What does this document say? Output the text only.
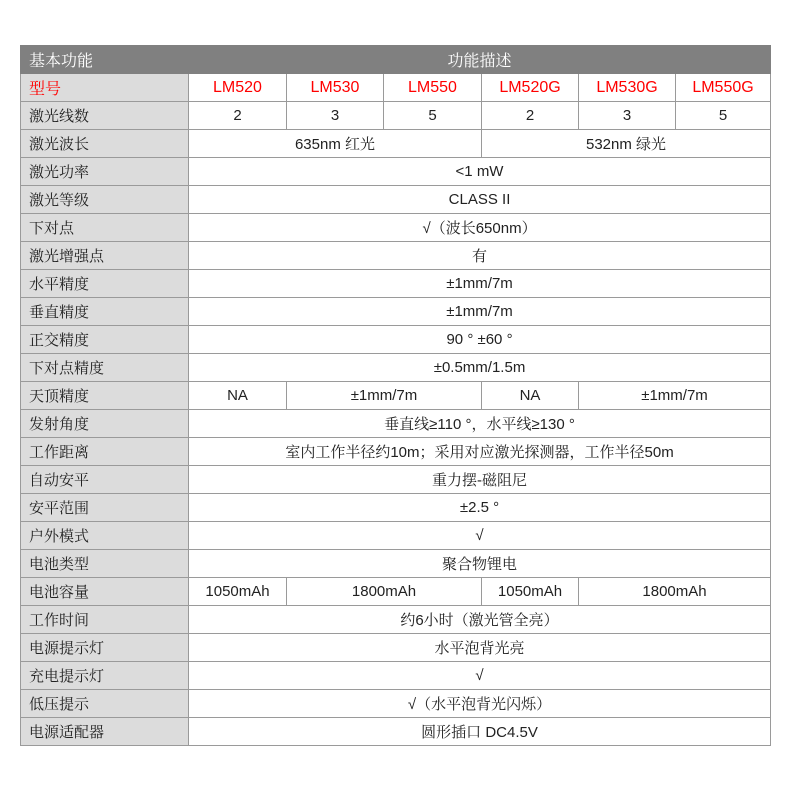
基本功能	功能描述					
型号	LM520	LM530	LM550	LM520G	LM530G	LM550G
激光线数	2	3	5	2	3	5
激光波长	635nm 红光			532nm 绿光		
激光功率	<1 mW					
激光等级	CLASS II					
下对点	√（波长650nm）					
激光增强点	有					
水平精度	±1mm/7m					
垂直精度	±1mm/7m					
正交精度	90 ° ±60 °					
下对点精度	±0.5mm/1.5m					
天顶精度	NA	±1mm/7m		NA	±1mm/7m	
发射角度	垂直线≥110 °，水平线≥130 °					
工作距离	室内工作半径约10m；采用对应激光探测器，工作半径50m					
自动安平	重力摆-磁阻尼					
安平范围	±2.5 °					
户外模式	√					
电池类型	聚合物锂电					
电池容量	1050mAh	1800mAh		1050mAh	1800mAh	
工作时间	约6小时（激光管全亮）					
电源提示灯	水平泡背光亮					
充电提示灯	√					
低压提示	√（水平泡背光闪烁）					
电源适配器	圆形插口 DC4.5V					
